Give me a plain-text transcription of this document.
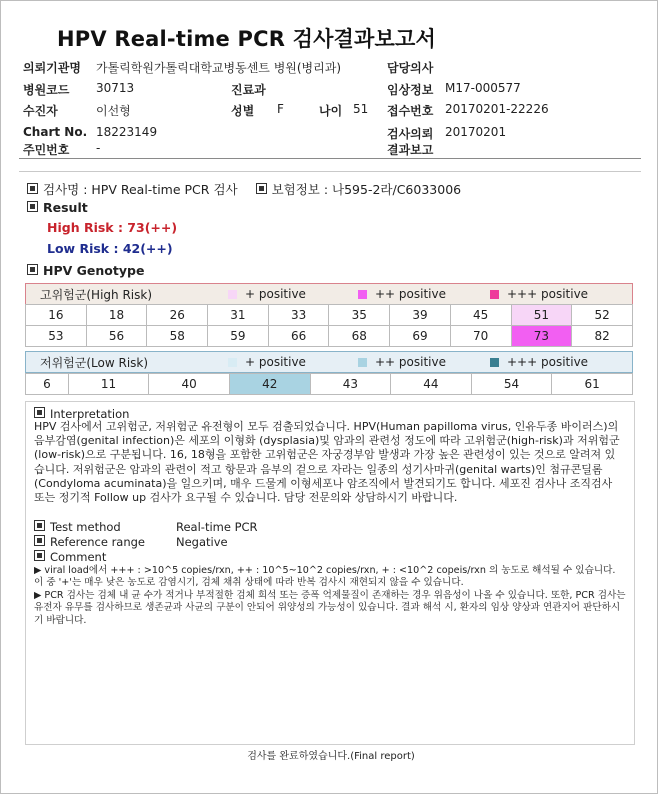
HPV Real-time PCR 검사결과보고서
의뢰기관명 가톨릭학원가톨릭대학교병동센트 병원(병리과)	담당의사
병원코드 30713	진료과	임상정보 M17-000577
수진자	이선형	성별 F	나이 51 접수번호 20170201-22226
Chart No. 18223149	검사의뢰 20170201
주민번호 -	결과보고
검사명 : HPV Real-time PCR 검사	보험정보 : 나595-2라/C6033006
Result
High Risk : 73(++)
Low Risk : 42(++)
HPV Genotype
고위험군(High Risk)	+ positive	++ positive	+++ positive
16	18	26	31	33	35	39	45	51	52
53	56	58	59	66	68	69	70	73	82
저위험군(Low Risk)	+ positive	++ positive	+++ positive
6	11	40	42	43	44	54	61
Interpretation
HPV 검사에서 고위험군, 저위험군 유전형이 모두 검출되었습니다. HPV(Human papilloma virus, 인유두종 바이러스)의 음부감염(genital infection)은 세포의 이형화 (dysplasia)및 암과의 관련성 정도에 따라 고위험군(high-risk)과 저위험군(low-risk)으로 구분됩니다. 16, 18형을 포함한 고위험군은 자궁경부암 발생과 가장 높은 관련성이 있는 것으로 알려져 있습니다. 저위험군은 암과의 관련이 적고 항문과 음부의 겉으로 자라는 일종의 성기사마귀(genital warts)인 첨규콘딜롬(Condyloma acuminata)을 일으키며, 매우 드물게 이형세포나 암조직에서 발견되기도 합니다. 세포진 검사나 조직검사 또는 정기적 Follow up 검사가 요구될 수 있습니다. 담당 전문의와 상담하시기 바랍니다.
Test method	Real-time PCR
Reference range	Negative
Comment
▶ viral load에서 +++ : >10^5 copies/rxn, ++ : 10^5~10^2 copies/rxn, + : <10^2 copeis/rxn 의 농도로 해석될 수 있습니다. 이 중 '+'는 매우 낮은 농도로 감염시기, 검체 채취 상태에 따라 반복 검사시 재현되지 않을 수 있습니다.
▶ PCR 검사는 검체 내 균 수가 적거나 부적절한 검체 희석 또는 증폭 억제물질이 존재하는 경우 위음성이 나올 수 있습니다. 또한, PCR 검사는 유전자 유무를 검사하므로 생존균과 사균의 구분이 안되어 위양성의 가능성이 있습니다. 결과 해석 시, 환자의 임상 양상과 연관지어 판단하시기 바랍니다.
검사를 완료하였습니다.(Final report)
